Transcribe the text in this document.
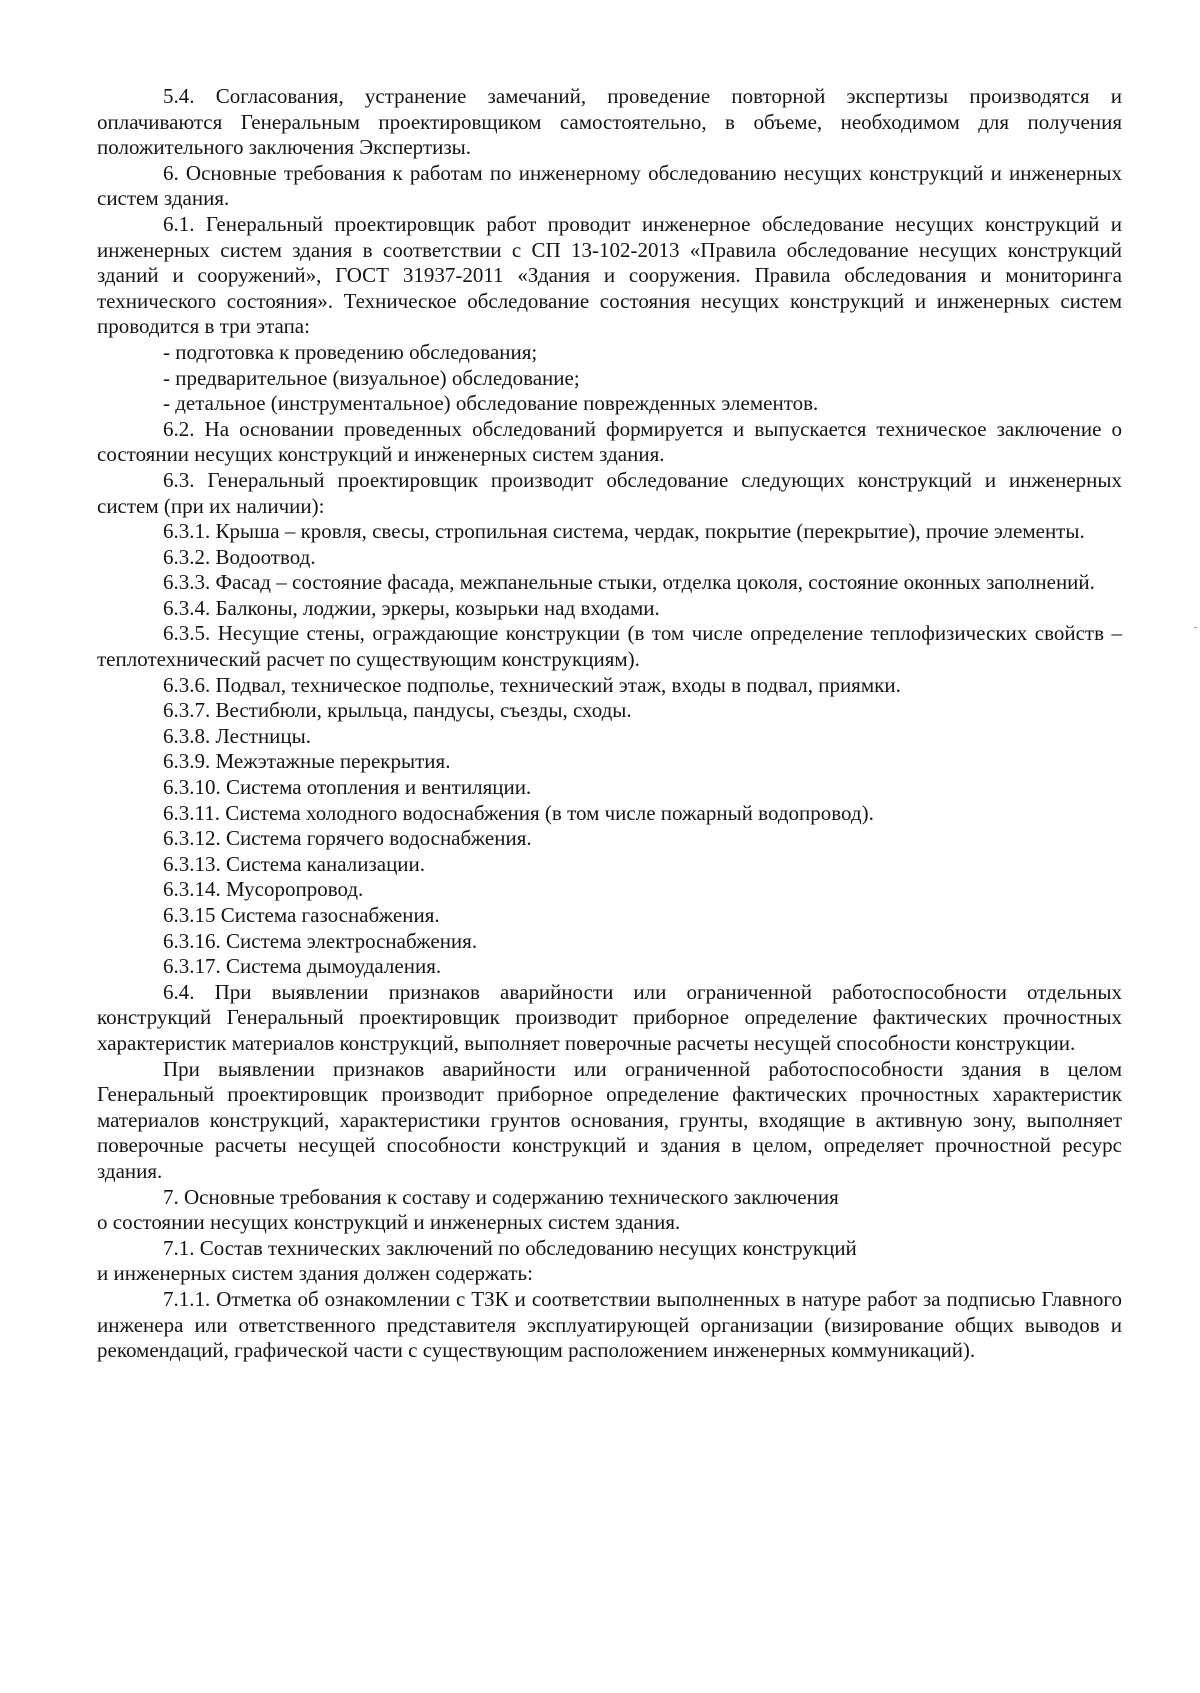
5.4. Согласования, устранение замечаний, проведение повторной экспертизы производятся и оплачиваются Генеральным проектировщиком самостоятельно, в объеме, необходимом для получения положительного заключения Экспертизы.

6. Основные требования к работам по инженерному обследованию несущих конструкций и инженерных систем здания.

6.1. Генеральный проектировщик работ проводит инженерное обследование несущих конструкций и инженерных систем здания в соответствии с СП 13-102-2013 «Правила обследование несущих конструкций зданий и сооружений», ГОСТ 31937-2011 «Здания и сооружения. Правила обследования и мониторинга технического состояния». Техническое обследование состояния несущих конструкций и инженерных систем проводится в три этапа:

- подготовка к проведению обследования;

- предварительное (визуальное) обследование;

- детальное (инструментальное) обследование поврежденных элементов.

6.2. На основании проведенных обследований формируется и выпускается техническое заключение о состоянии несущих конструкций и инженерных систем здания.

6.3. Генеральный проектировщик производит обследование следующих конструкций и инженерных систем (при их наличии):

6.3.1. Крыша – кровля, свесы, стропильная система, чердак, покрытие (перекрытие), прочие элементы.

6.3.2. Водоотвод.

6.3.3. Фасад – состояние фасада, межпанельные стыки, отделка цоколя, состояние оконных заполнений.

6.3.4. Балконы, лоджии, эркеры, козырьки над входами.

6.3.5. Несущие стены, ограждающие конструкции (в том числе определение теплофизических свойств – теплотехнический расчет по существующим конструкциям).

6.3.6. Подвал, техническое подполье, технический этаж, входы в подвал, приямки.

6.3.7. Вестибюли, крыльца, пандусы, съезды, сходы.

6.3.8. Лестницы.

6.3.9. Межэтажные перекрытия.

6.3.10. Система отопления и вентиляции.

6.3.11. Система холодного водоснабжения (в том числе пожарный водопровод).

6.3.12. Система горячего водоснабжения.

6.3.13. Система канализации.

6.3.14. Мусоропровод.

6.3.15 Система газоснабжения.

6.3.16. Система электроснабжения.

6.3.17. Система дымоудаления.

6.4. При выявлении признаков аварийности или ограниченной работоспособности отдельных конструкций Генеральный проектировщик производит приборное определение фактических прочностных характеристик материалов конструкций, выполняет поверочные расчеты несущей способности конструкции.

При выявлении признаков аварийности или ограниченной работоспособности здания в целом Генеральный проектировщик производит приборное определение фактических прочностных характеристик материалов конструкций, характеристики грунтов основания, грунты, входящие в активную зону, выполняет поверочные расчеты несущей способности конструкций и здания в целом, определяет прочностной ресурс здания.

7. Основные требования к составу и содержанию технического заключения
о состоянии несущих конструкций и инженерных систем здания.

7.1. Состав технических заключений по обследованию несущих конструкций
и инженерных систем здания должен содержать:

7.1.1. Отметка об ознакомлении с ТЗК и соответствии выполненных в натуре работ за подписью Главного инженера или ответственного представителя эксплуатирующей организации (визирование общих выводов и рекомендаций, графической части с существующим расположением инженерных коммуникаций).
